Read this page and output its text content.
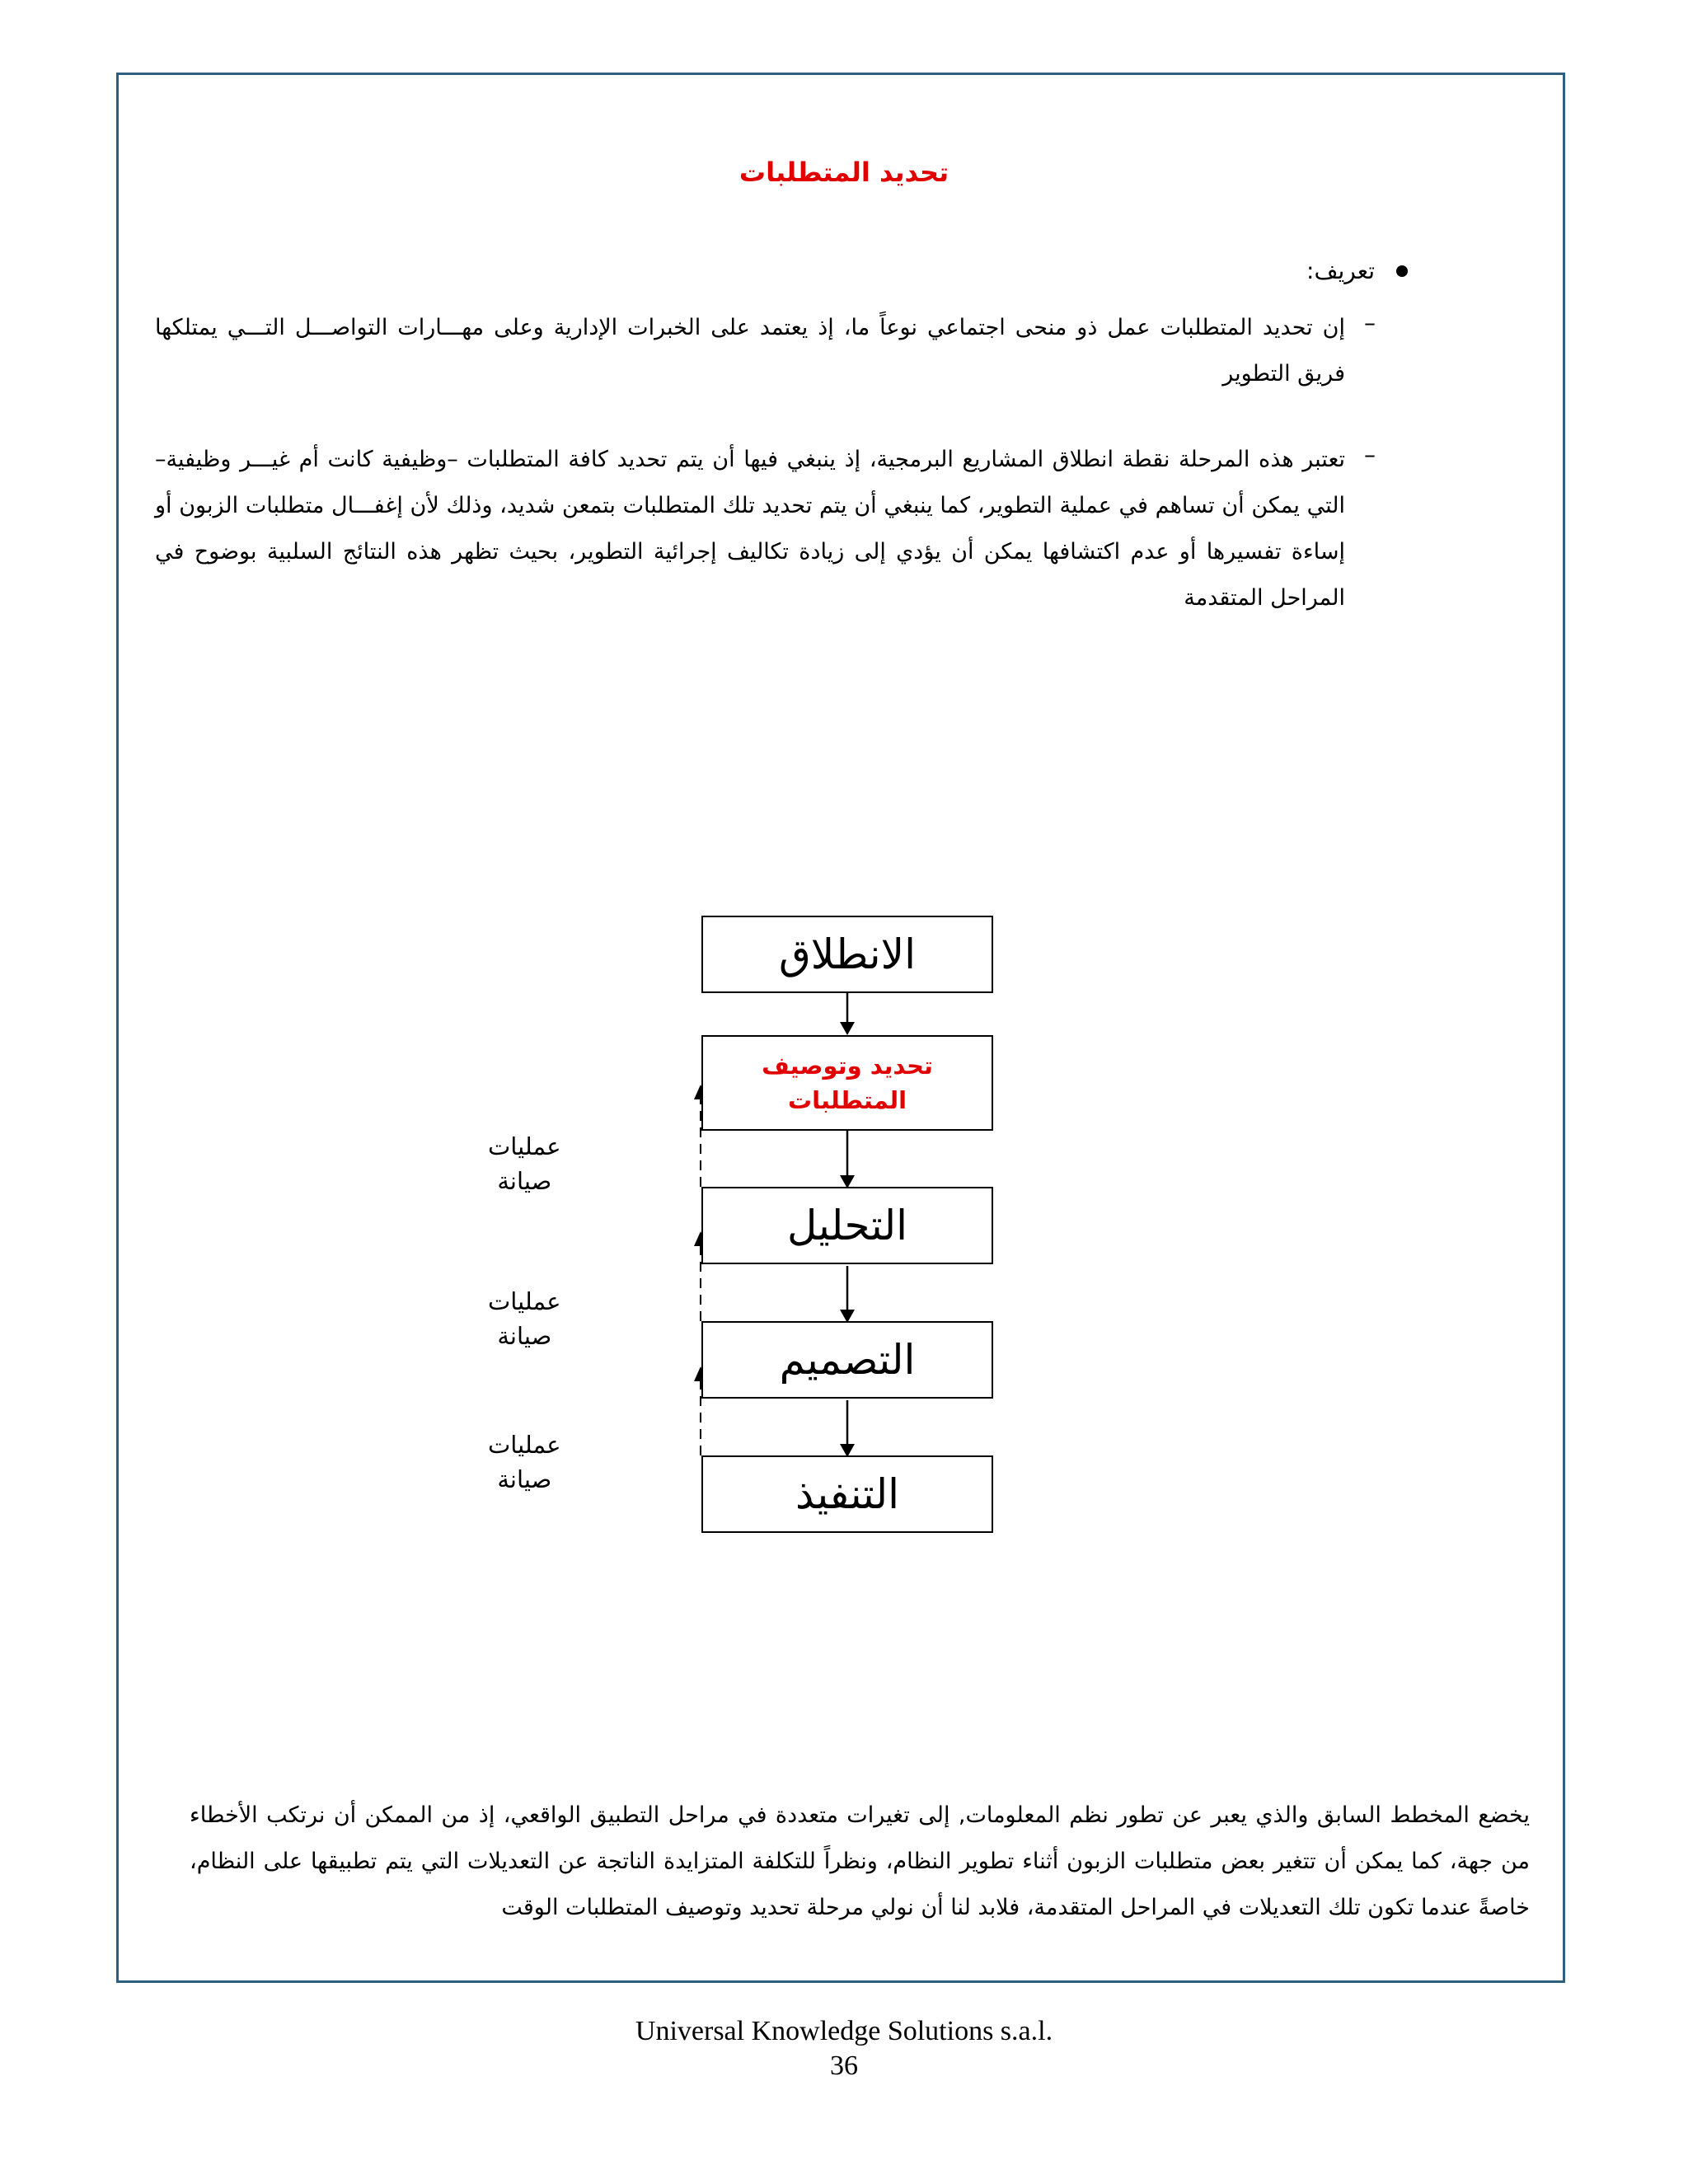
تحديد المتطلبات
تعريف:
–
إن تحديد المتطلبات عمل ذو منحى اجتماعي نوعاً ما، إذ يعتمد على الخبرات الإدارية وعلى مهـــارات التواصـــل التـــي يمتلكها فريق التطوير
–
تعتبر هذه المرحلة نقطة انطلاق المشاريع البرمجية، إذ ينبغي فيها أن يتم تحديد كافة المتطلبات –وظيفية كانت أم غيـــر وظيفية– التي يمكن أن تساهم في عملية التطوير، كما ينبغي أن يتم تحديد تلك المتطلبات بتمعن شديد، وذلك لأن إغفـــال متطلبات الزبون أو إساءة تفسيرها أو عدم اكتشافها يمكن أن يؤدي إلى زيادة تكاليف إجرائية التطوير، بحيث تظهر هذه النتائج السلبية بوضوح في المراحل المتقدمة
الانطلاق
تحديد وتوصيف
المتطلبات
التحليل
التصميم
التنفيذ
عمليات
صيانة
عمليات
صيانة
عمليات
صيانة
يخضع المخطط السابق والذي يعبر عن تطور نظم المعلومات, إلى تغيرات متعددة في مراحل التطبيق الواقعي، إذ من الممكن أن نرتكب الأخطاء من جهة، كما يمكن أن تتغير بعض متطلبات الزبون أثناء تطوير النظام، ونظراً للتكلفة المتزايدة الناتجة عن التعديلات التي يتم تطبيقها على النظام، خاصةً عندما تكون تلك التعديلات في المراحل المتقدمة، فلابد لنا أن نولي مرحلة تحديد وتوصيف المتطلبات الوقت
Universal Knowledge Solutions s.a.l.
36
